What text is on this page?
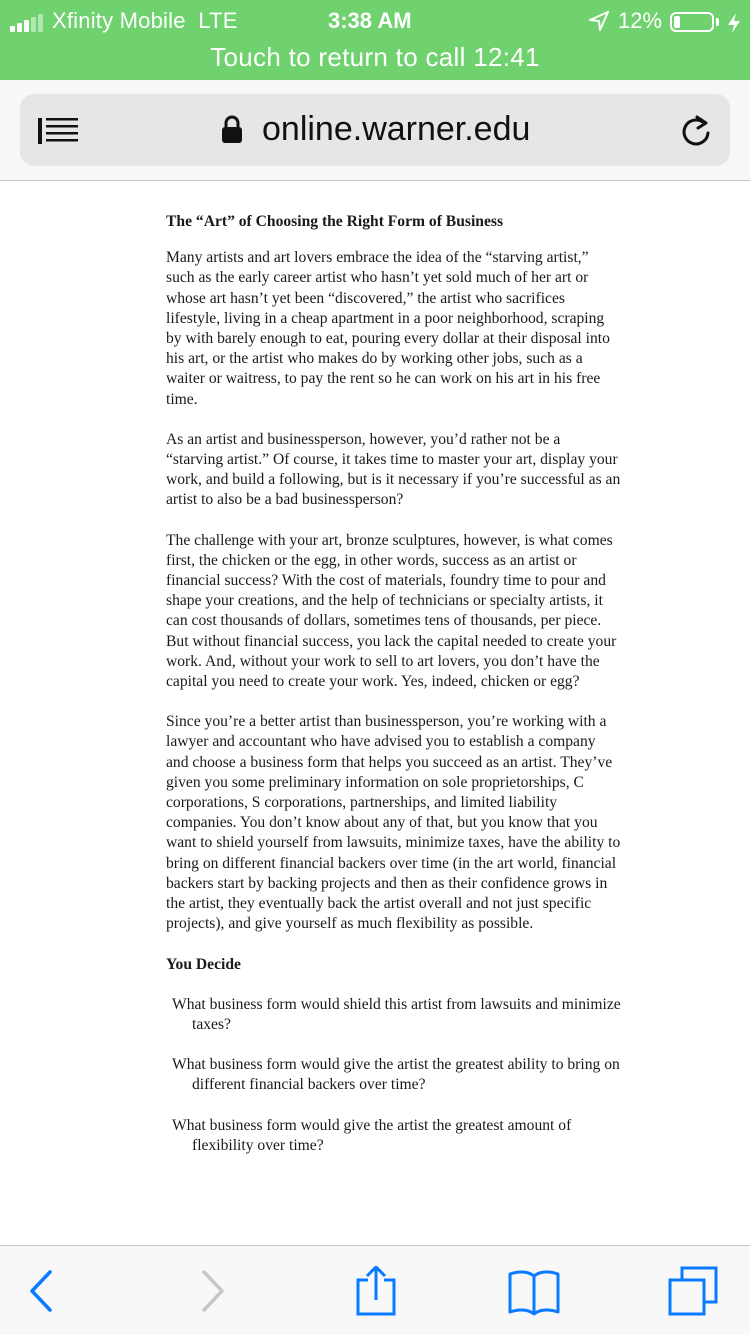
Xfinity Mobile LTE	3:38 AM	12%
Touch to return to call 12:41
online.warner.edu
The “Art” of Choosing the Right Form of Business

Many artists and art lovers embrace the idea of the “starving artist,” such as the early career artist who hasn’t yet sold much of her art or whose art hasn’t yet been “discovered,” the artist who sacrifices lifestyle, living in a cheap apartment in a poor neighborhood, scraping by with barely enough to eat, pouring every dollar at their disposal into his art, or the artist who makes do by working other jobs, such as a waiter or waitress, to pay the rent so he can work on his art in his free time.

As an artist and businessperson, however, you’d rather not be a “starving artist.” Of course, it takes time to master your art, display your work, and build a following, but is it necessary if you’re successful as an artist to also be a bad businessperson?

The challenge with your art, bronze sculptures, however, is what comes first, the chicken or the egg, in other words, success as an artist or financial success? With the cost of materials, foundry time to pour and shape your creations, and the help of technicians or specialty artists, it can cost thousands of dollars, sometimes tens of thousands, per piece. But without financial success, you lack the capital needed to create your work. And, without your work to sell to art lovers, you don’t have the capital you need to create your work. Yes, indeed, chicken or egg?

Since you’re a better artist than businessperson, you’re working with a lawyer and accountant who have advised you to establish a company and choose a business form that helps you succeed as an artist. They’ve given you some preliminary information on sole proprietorships, C corporations, S corporations, partnerships, and limited liability companies. You don’t know about any of that, but you know that you want to shield yourself from lawsuits, minimize taxes, have the ability to bring on different financial backers over time (in the art world, financial backers start by backing projects and then as their confidence grows in the artist, they eventually back the artist overall and not just specific projects), and give yourself as much flexibility as possible.

You Decide

What business form would shield this artist from lawsuits and minimize taxes?

What business form would give the artist the greatest ability to bring on different financial backers over time?

What business form would give the artist the greatest amount of flexibility over time?
